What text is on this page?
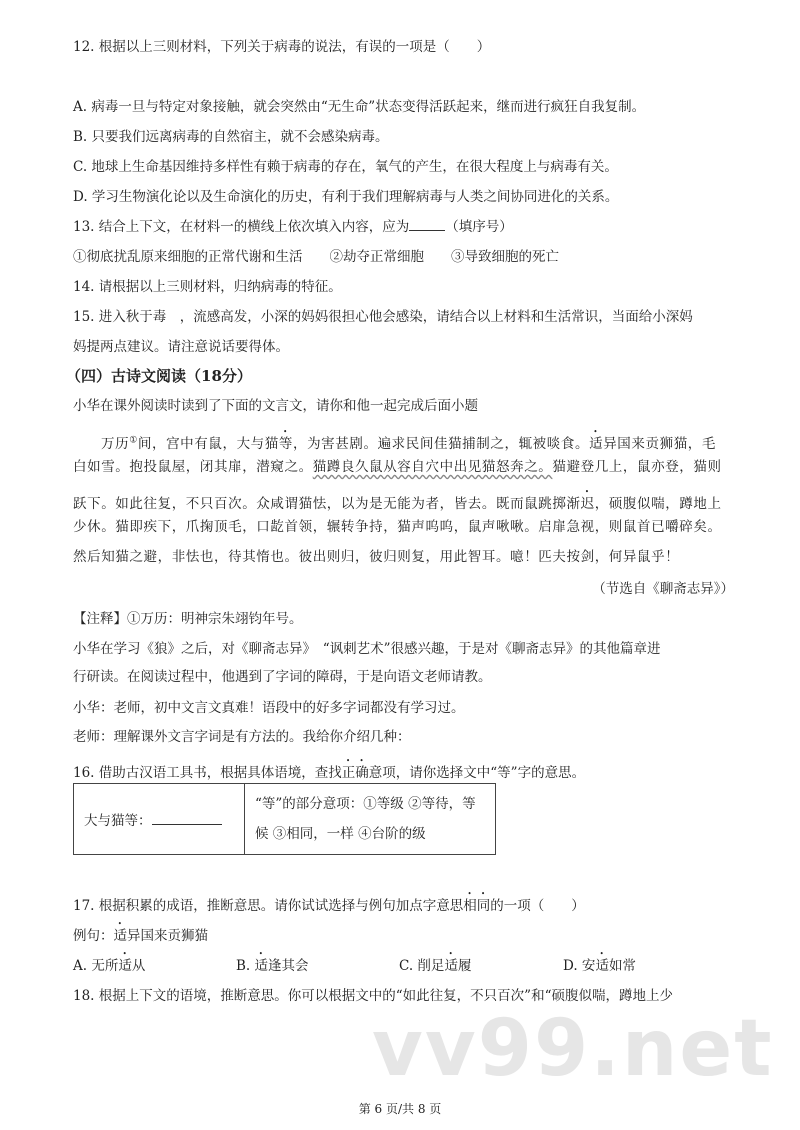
12. 根据以上三则材料，下列关于病毒的说法，有误的一项是（　　）
A. 病毒一旦与特定对象接触，就会突然由“无生命”状态变得活跃起来，继而进行疯狂自我复制。
B. 只要我们远离病毒的自然宿主，就不会感染病毒。
C. 地球上生命基因维持多样性有赖于病毒的存在，氧气的产生，在很大程度上与病毒有关。
D. 学习生物演化论以及生命演化的历史，有利于我们理解病毒与人类之间协同进化的关系。
13. 结合上下文，在材料一的横线上依次填入内容，应为	（填序号）
①彻底扰乱原来细胞的正常代谢和生活　　②劫夺正常细胞　　③导致细胞的死亡
14. 请根据以上三则材料，归纳病毒的特征。
15. 进入秋于毒　，流感高发，小深的妈妈很担心他会感染，请结合以上材料和生活常识，当面给小深妈
妈提两点建议。请注意说话要得体。
（四）古诗文阅读（18分）
小华在课外阅读时读到了下面的文言文，请你和他一起完成后面小题
万历①间，宫中有鼠，大与猫等，为害甚剧。遍求民间佳猫捕制之，辄被啖食。适异国来贡狮猫，毛
白如雪。抱投鼠屋，闭其扉，潜窥之。猫蹲良久鼠从容自穴中出见猫怒奔之。猫避登几上，鼠亦登，猫则
跃下。如此往复，不只百次。众咸谓猫怯，以为是无能为者，皆去。既而鼠跳掷渐迟，硕腹似喘，蹲地上
少休。猫即疾下，爪掬顶毛，口龁首领，辗转争持，猫声呜呜，鼠声啾啾。启扉急视，则鼠首已嚼碎矣。
然后知猫之避，非怯也，待其惰也。彼出则归，彼归则复，用此智耳。噫！匹夫按剑，何异鼠乎！
（节选自《聊斋志异》）
【注释】①万历：明神宗朱翊钧年号。
小华在学习《狼》之后，对《聊斋志异》　“讽刺艺术”很感兴趣，于是对《聊斋志异》的其他篇章进
行研读。在阅读过程中，他遇到了字词的障碍，于是向语文老师请教。
小华：老师，初中文言文真难！语段中的好多字词都没有学习过。
老师：理解课外文言字词是有方法的。我给你介绍几种：
16. 借助古汉语工具书，根据具体语境，查找正确意项，请你选择文中“等”字的意思。
大与猫等：	
“等”的部分意项：①等级 ②等待，等
候 ③相同，一样 ④台阶的级
17. 根据积累的成语，推断意思。请你试试选择与例句加点字意思相同的一项（　　）
例句：适异国来贡狮猫
A. 无所适从	B. 适逢其会	C. 削足适履	D. 安适如常
18. 根据上下文的语境，推断意思。你可以根据文中的“如此往复，不只百次”和“硕腹似喘，蹲地上少
vv99.net
第 6 页/共 8 页
